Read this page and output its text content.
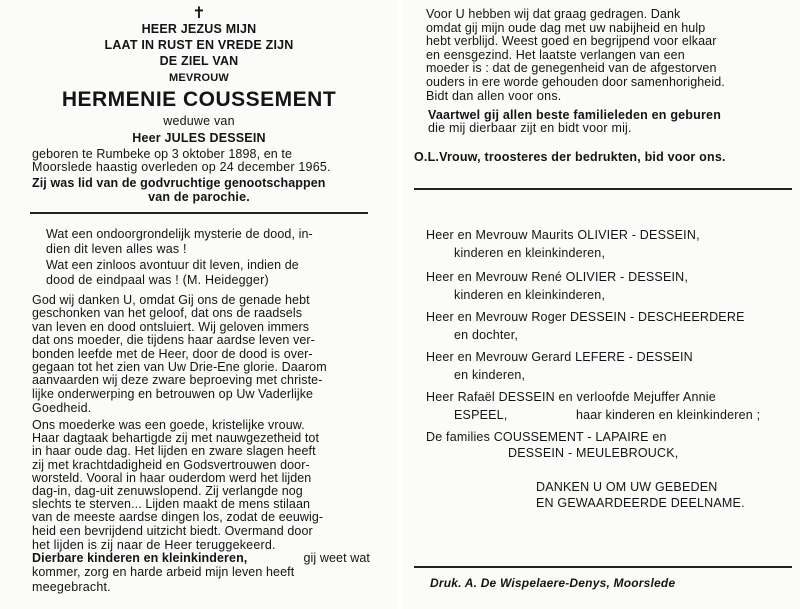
✝
HEER JEZUS MIJN
LAAT IN RUST EN VREDE ZIJN
DE ZIEL VAN
MEVROUW
HERMENIE COUSSEMENT
weduwe van
Heer JULES DESSEIN
geboren te Rumbeke op 3 oktober 1898, en te
Moorslede haastig overleden op 24 december 1965.
Zij was lid van de godvruchtige genootschappen
van de parochie.
Wat een ondoorgrondelijk mysterie de dood, in-
dien dit leven alles was !
Wat een zinloos avontuur dit leven, indien de
dood de eindpaal was ! (M. Heidegger)
God wij danken U, omdat Gij ons de genade hebt
geschonken van het geloof, dat ons de raadsels
van leven en dood ontsluiert. Wij geloven immers
dat ons moeder, die tijdens haar aardse leven ver-
bonden leefde met de Heer, door de dood is over-
gegaan tot het zien van Uw Drie-Ene glorie. Daarom
aanvaarden wij deze zware beproeving met christe-
lijke onderwerping en betrouwen op Uw Vaderlijke
Goedheid.
Ons moederke was een goede, kristelijke vrouw.
Haar dagtaak behartigde zij met nauwgezetheid tot
in haar oude dag. Het lijden en zware slagen heeft
zij met krachtdadigheid en Godsvertrouwen door-
worsteld. Vooral in haar ouderdom werd het lijden
dag-in, dag-uit zenuwslopend. Zij verlangde nog
slechts te sterven... Lijden maakt de mens stilaan
van de meeste aardse dingen los, zodat de eeuwig-
heid een bevrijdend uitzicht biedt. Overmand door
het lijden is zij naar de Heer teruggekeerd.
Dierbare kinderen en kleinkinderen,	gij weet wat
kommer, zorg en harde arbeid mijn leven heeft
meegebracht.
Voor U hebben wij dat graag gedragen. Dank
omdat gij mijn oude dag met uw nabijheid en hulp
hebt verblijd. Weest goed en begrijpend voor elkaar
en eensgezind. Het laatste verlangen van een
moeder is : dat de genegenheid van de afgestorven
ouders in ere worde gehouden door samenhorigheid.
Bidt dan allen voor ons.
Vaartwel gij allen beste familieleden en geburen
die mij dierbaar zijt en bidt voor mij.
O.L.Vrouw, troosteres der bedrukten, bid voor ons.
Heer en Mevrouw Maurits OLIVIER - DESSEIN,
kinderen en kleinkinderen,
Heer en Mevrouw René OLIVIER - DESSEIN,
kinderen en kleinkinderen,
Heer en Mevrouw Roger DESSEIN - DESCHEERDERE
en dochter,
Heer en Mevrouw Gerard LEFERE - DESSEIN
en kinderen,
Heer Rafaël DESSEIN en verloofde Mejuffer Annie
ESPEEL,	haar kinderen en kleinkinderen ;
De families COUSSEMENT - LAPAIRE en
DESSEIN - MEULEBROUCK,
DANKEN U OM UW GEBEDEN
EN GEWAARDEERDE DEELNAME.
Druk. A. De Wispelaere-Denys, Moorslede
